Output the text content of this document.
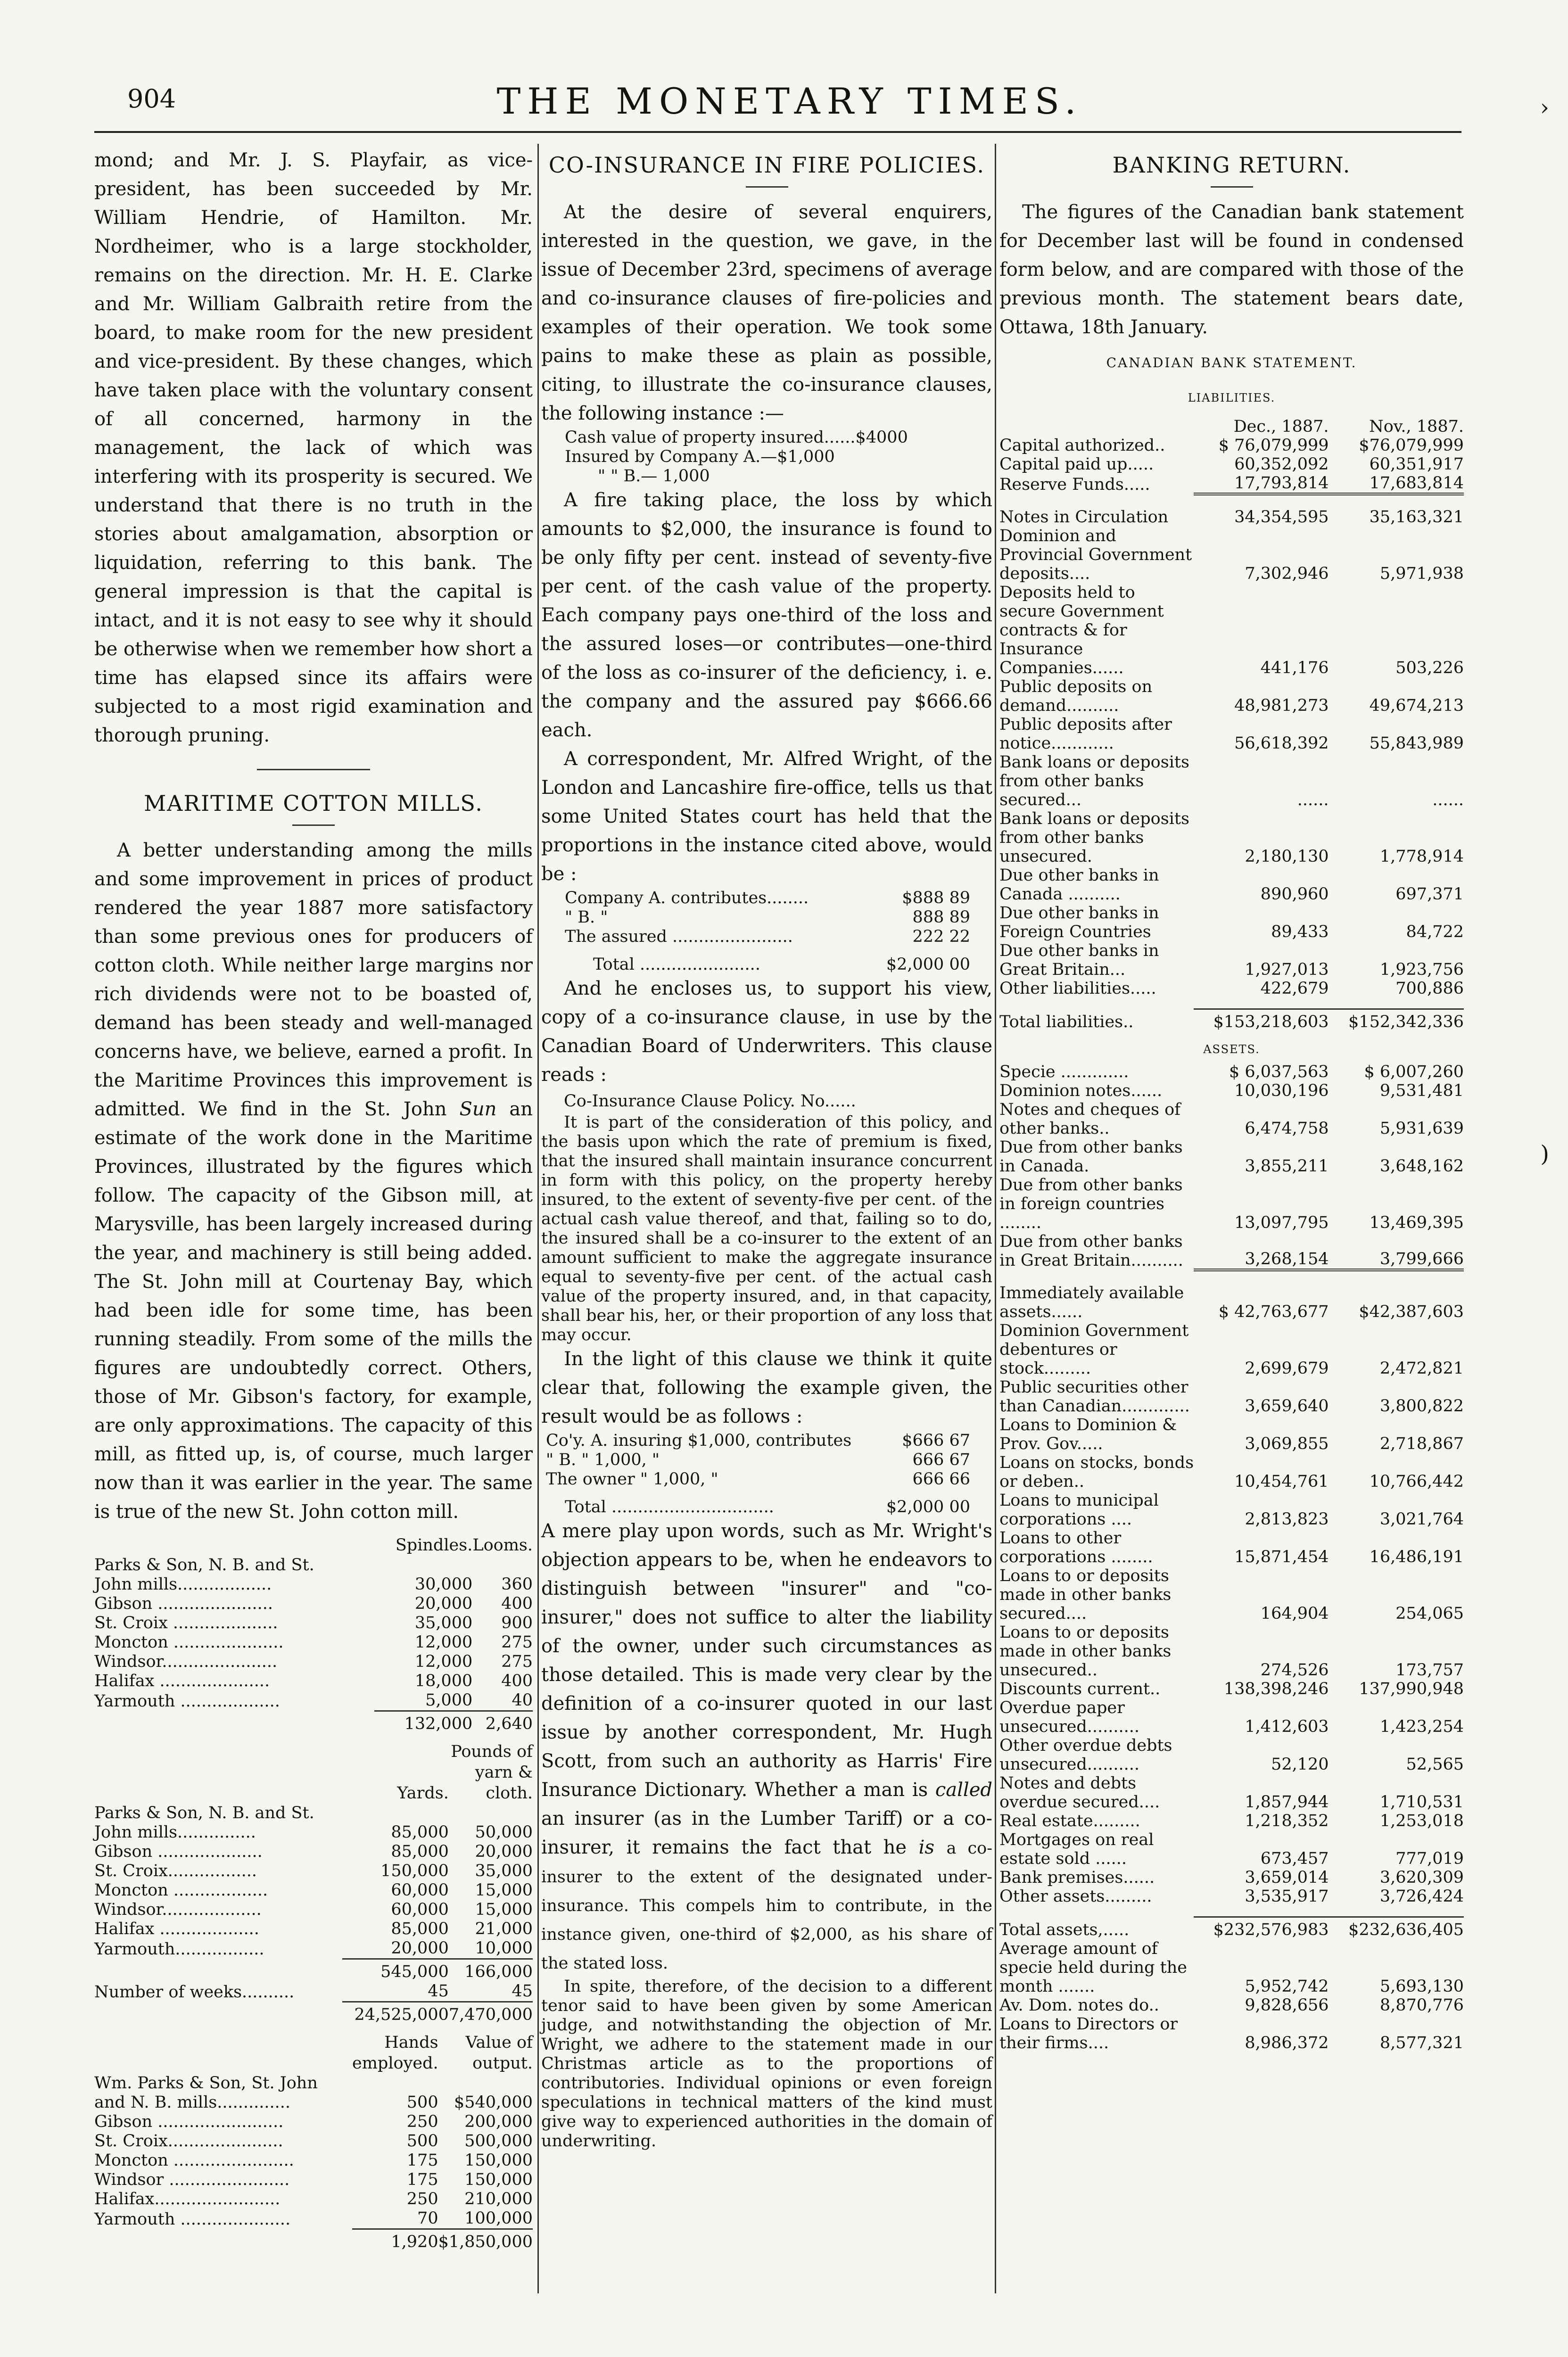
904	THE MONETARY TIMES.	›
)

mond; and Mr. J. S. Playfair, as vice-president, has been succeeded by Mr. William Hendrie, of Hamilton. Mr. Nordheimer, who is a large stockholder, remains on the direction. Mr. H. E. Clarke and Mr. William Galbraith retire from the board, to make room for the new president and vice-president. By these changes, which have taken place with the voluntary consent of all concerned, harmony in the management, the lack of which was interfering with its prosperity is secured. We understand that there is no truth in the stories about amalgamation, absorption or liquidation, referring to this bank. The general impression is that the capital is intact, and it is not easy to see why it should be otherwise when we remember how short a time has elapsed since its affairs were subjected to a most rigid examination and thorough pruning.

MARITIME COTTON MILLS.

A better understanding among the mills and some improvement in prices of product rendered the year 1887 more satisfactory than some previous ones for producers of cotton cloth. While neither large margins nor rich dividends were not to be boasted of, demand has been steady and well-managed concerns have, we believe, earned a profit. In the Maritime Provinces this improvement is admitted. We find in the St. John Sun an estimate of the work done in the Maritime Provinces, illustrated by the figures which follow. The capacity of the Gibson mill, at Marysville, has been largely increased during the year, and machinery is still being added. The St. John mill at Courtenay Bay, which had been idle for some time, has been running steadily. From some of the mills the figures are undoubtedly correct. Others, those of Mr. Gibson's factory, for example, are only approximations. The capacity of this mill, as fitted up, is, of course, much larger now than it was earlier in the year. The same is true of the new St. John cotton mill.

	Spindles.	Looms.
Parks & Son, N. B. and St.		
John mills..................	30,000	360
Gibson ......................	20,000	400
St. Croix ....................	35,000	900
Moncton .....................	12,000	275
Windsor......................	12,000	275
Halifax .....................	18,000	400
Yarmouth ...................	5,000	40
	132,000	2,640
	Yards.	Pounds of yarn & cloth.
Parks & Son, N. B. and St.		
John mills...............	85,000	50,000
Gibson ....................	85,000	20,000
St. Croix.................	150,000	35,000
Moncton ..................	60,000	15,000
Windsor...................	60,000	15,000
Halifax ...................	85,000	21,000
Yarmouth.................	20,000	10,000
	545,000	166,000
Number of weeks..........	45	45
	24,525,000	7,470,000
	Hands employed.	Value of output.
Wm. Parks & Son, St. John		
and N. B. mills..............	500	$540,000
Gibson ........................	250	200,000
St. Croix......................	500	500,000
Moncton .......................	175	150,000
Windsor .......................	175	150,000
Halifax........................	250	210,000
Yarmouth .....................	70	100,000
	1,920	$1,850,000
CO-INSURANCE IN FIRE POLICIES.

At the desire of several enquirers, interested in the question, we gave, in the issue of December 23rd, specimens of average and co-insurance clauses of fire-policies and examples of their operation. We took some pains to make these as plain as possible, citing, to illustrate the co-insurance clauses, the following instance :—

Cash value of property insured......$4000
Insured by Company A.—$1,000
" " B.— 1,000

A fire taking place, the loss by which amounts to $2,000, the insurance is found to be only fifty per cent. instead of seventy-five per cent. of the cash value of the property. Each company pays one-third of the loss and the assured loses—or contributes—one-third of the loss as co-insurer of the deficiency, i. e. the company and the assured pay $666.66 each.

A correspondent, Mr. Alfred Wright, of the London and Lancashire fire-office, tells us that some United States court has held that the proportions in the instance cited above, would be :

Company A. contributes........	$888 89
" B. "	888 89
The assured .......................	222 22

Total .......................	$2,000 00

And he encloses us, to support his view, copy of a co-insurance clause, in use by the Canadian Board of Underwriters. This clause reads :

Co-Insurance Clause Policy. No......

It is part of the consideration of this policy, and the basis upon which the rate of premium is fixed, that the insured shall maintain insurance concurrent in form with this policy, on the property hereby insured, to the extent of seventy-five per cent. of the actual cash value thereof, and that, failing so to do, the insured shall be a co-insurer to the extent of an amount sufficient to make the aggregate insurance equal to seventy-five per cent. of the actual cash value of the property insured, and, in that capacity, shall bear his, her, or their proportion of any loss that may occur.

In the light of this clause we think it quite clear that, following the example given, the result would be as follows :

Co'y. A. insuring $1,000, contributes	$666 67
" B. " 1,000, "	666 67
The owner " 1,000, "	666 66

Total ...............................	$2,000 00

A mere play upon words, such as Mr. Wright's objection appears to be, when he endeavors to distinguish between "insurer" and "co-insurer," does not suffice to alter the liability of the owner, under such circumstances as those detailed. This is made very clear by the definition of a co-insurer quoted in our last issue by another correspondent, Mr. Hugh Scott, from such an authority as Harris' Fire Insurance Dictionary. Whether a man is called an insurer (as in the Lumber Tariff) or a co-insurer, it remains the fact that he is a co-insurer to the extent of the designated under-insurance. This compels him to contribute, in the instance given, one-third of $2,000, as his share of the stated loss.

In spite, therefore, of the decision to a different tenor said to have been given by some American judge, and notwithstanding the objection of Mr. Wright, we adhere to the statement made in our Christmas article as to the proportions of contributories. Individual opinions or even foreign speculations in technical matters of the kind must give way to experienced authorities in the domain of underwriting.

BANKING RETURN.

The figures of the Canadian bank statement for December last will be found in condensed form below, and are compared with those of the previous month. The statement bears date, Ottawa, 18th January.

CANADIAN BANK STATEMENT.
LIABILITIES.
	Dec., 1887.	Nov., 1887.
Capital authorized..	$ 76,079,999	$76,079,999
Capital paid up.....	60,352,092	60,351,917
Reserve Funds.....	17,793,814	17,683,814

Notes in Circulation	34,354,595	35,163,321
Dominion and Provincial Government deposits....	7,302,946	5,971,938
Deposits held to secure Government contracts & for Insurance Companies......	441,176	503,226
Public deposits on demand..........	48,981,273	49,674,213
Public deposits after notice............	56,618,392	55,843,989
Bank loans or deposits from other banks secured...	......	......
Bank loans or deposits from other banks unsecured.	2,180,130	1,778,914
Due other banks in Canada ..........	890,960	697,371
Due other banks in Foreign Countries	89,433	84,722
Due other banks in Great Britain...	1,927,013	1,923,756
Other liabilities.....	422,679	700,886

Total liabilities..	$153,218,603	$152,342,336
ASSETS.		
Specie .............	$ 6,037,563	$ 6,007,260
Dominion notes......	10,030,196	9,531,481
Notes and cheques of other banks..	6,474,758	5,931,639
Due from other banks in Canada.	3,855,211	3,648,162
Due from other banks in foreign countries ........	13,097,795	13,469,395
Due from other banks in Great Britain..........	3,268,154	3,799,666

Immediately available assets......	$ 42,763,677	$42,387,603
Dominion Government debentures or stock.........	2,699,679	2,472,821
Public securities other than Canadian.............	3,659,640	3,800,822
Loans to Dominion & Prov. Gov.....	3,069,855	2,718,867
Loans on stocks, bonds or deben..	10,454,761	10,766,442
Loans to municipal corporations ....	2,813,823	3,021,764
Loans to other corporations ........	15,871,454	16,486,191
Loans to or deposits made in other banks secured....	164,904	254,065
Loans to or deposits made in other banks unsecured..	274,526	173,757
Discounts current..	138,398,246	137,990,948
Overdue paper unsecured..........	1,412,603	1,423,254
Other overdue debts unsecured..........	52,120	52,565
Notes and debts overdue secured....	1,857,944	1,710,531
Real estate.........	1,218,352	1,253,018
Mortgages on real estate sold ......	673,457	777,019
Bank premises......	3,659,014	3,620,309
Other assets.........	3,535,917	3,726,424

Total assets,.....	$232,576,983	$232,636,405
Average amount of specie held during the month .......	5,952,742	5,693,130
Av. Dom. notes do..	9,828,656	8,870,776
Loans to Directors or their firms....	8,986,372	8,577,321
